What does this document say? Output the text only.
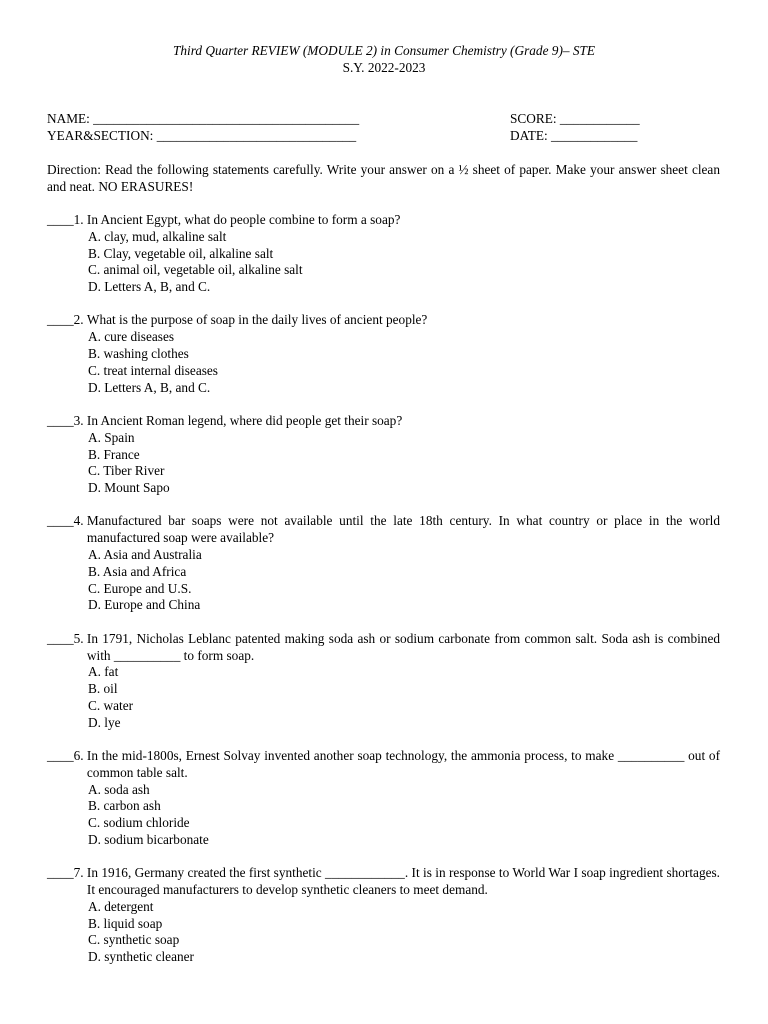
Third Quarter REVIEW (MODULE 2) in Consumer Chemistry (Grade 9)– STE
S.Y. 2022-2023
NAME: ________________________________________	SCORE: ____________
YEAR&SECTION: ______________________________	DATE: _____________
Direction: Read the following statements carefully. Write your answer on a ½ sheet of paper. Make your answer sheet clean and neat. NO ERASURES!
____1. In Ancient Egypt, what do people combine to form a soap?
A. clay, mud, alkaline salt
B. Clay, vegetable oil, alkaline salt
C. animal oil, vegetable oil, alkaline salt
D. Letters A, B, and C.
____2. What is the purpose of soap in the daily lives of ancient people?
A. cure diseases
B. washing clothes
C. treat internal diseases
D. Letters A, B, and C.
____3. In Ancient Roman legend, where did people get their soap?
A. Spain
B. France
C. Tiber River
D. Mount Sapo
____4. Manufactured bar soaps were not available until the late 18th century. In what country or place in the world manufactured soap were available?
A. Asia and Australia
B. Asia and Africa
C. Europe and U.S.
D. Europe and China
____5. In 1791, Nicholas Leblanc patented making soda ash or sodium carbonate from common salt. Soda ash is combined with __________ to form soap.
A. fat
B. oil
C. water
D. lye
____6. In the mid-1800s, Ernest Solvay invented another soap technology, the ammonia process, to make __________ out of common table salt.
A. soda ash
B. carbon ash
C. sodium chloride
D. sodium bicarbonate
____7. In 1916, Germany created the first synthetic ____________. It is in response to World War I soap ingredient shortages. It encouraged manufacturers to develop synthetic cleaners to meet demand.
A. detergent
B. liquid soap
C. synthetic soap
D. synthetic cleaner
